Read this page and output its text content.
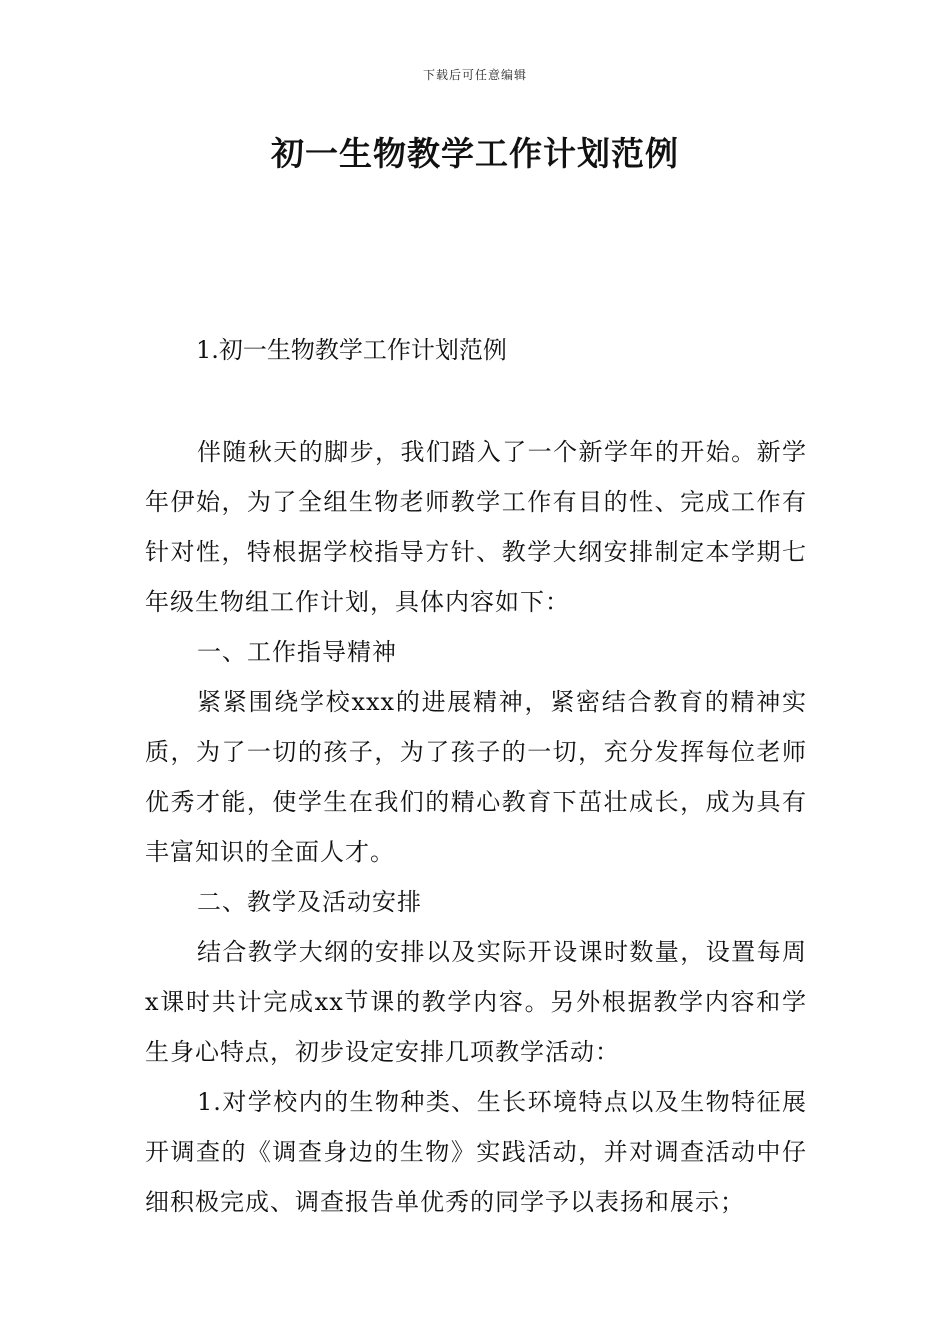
下载后可任意编辑
初一生物教学工作计划范例
1.初一生物教学工作计划范例

伴随秋天的脚步，我们踏入了一个新学年的开始。新学年伊始，为了全组生物老师教学工作有目的性、完成工作有针对性，特根据学校指导方针、教学大纲安排制定本学期七年级生物组工作计划，具体内容如下：

一、工作指导精神

紧紧围绕学校xxx的进展精神，紧密结合教育的精神实质，为了一切的孩子，为了孩子的一切，充分发挥每位老师优秀才能，使学生在我们的精心教育下茁壮成长，成为具有丰富知识的全面人才。

二、教学及活动安排

结合教学大纲的安排以及实际开设课时数量，设置每周x课时共计完成xx节课的教学内容。另外根据教学内容和学生身心特点，初步设定安排几项教学活动：

1.对学校内的生物种类、生长环境特点以及生物特征展开调查的《调查身边的生物》实践活动，并对调查活动中仔细积极完成、调查报告单优秀的同学予以表扬和展示；
